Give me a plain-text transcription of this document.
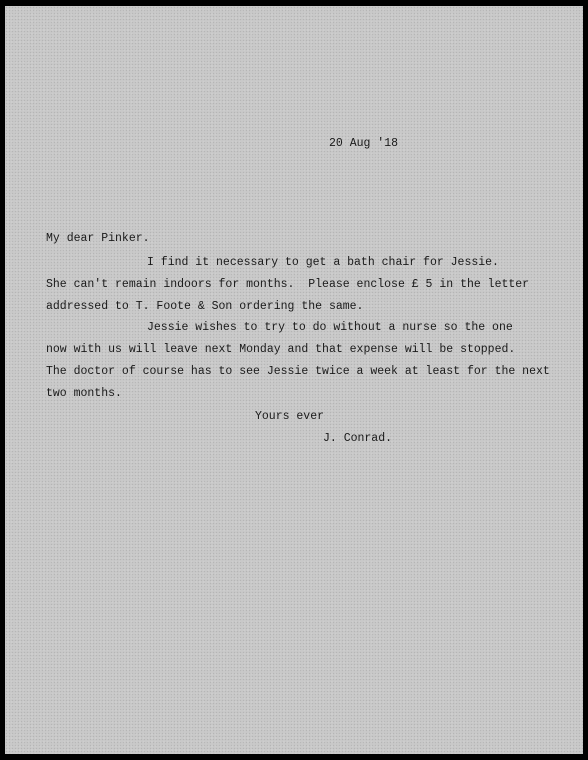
20 Aug '18
My dear Pinker.
I find it necessary to get a bath chair for Jessie.
She can't remain indoors for months.  Please enclose £ 5 in the letter
addressed to T. Foote & Son ordering the same.
Jessie wishes to try to do without a nurse so the one
now with us will leave next Monday and that expense will be stopped.
The doctor of course has to see Jessie twice a week at least for the next
two months.
Yours ever
J. Conrad.
